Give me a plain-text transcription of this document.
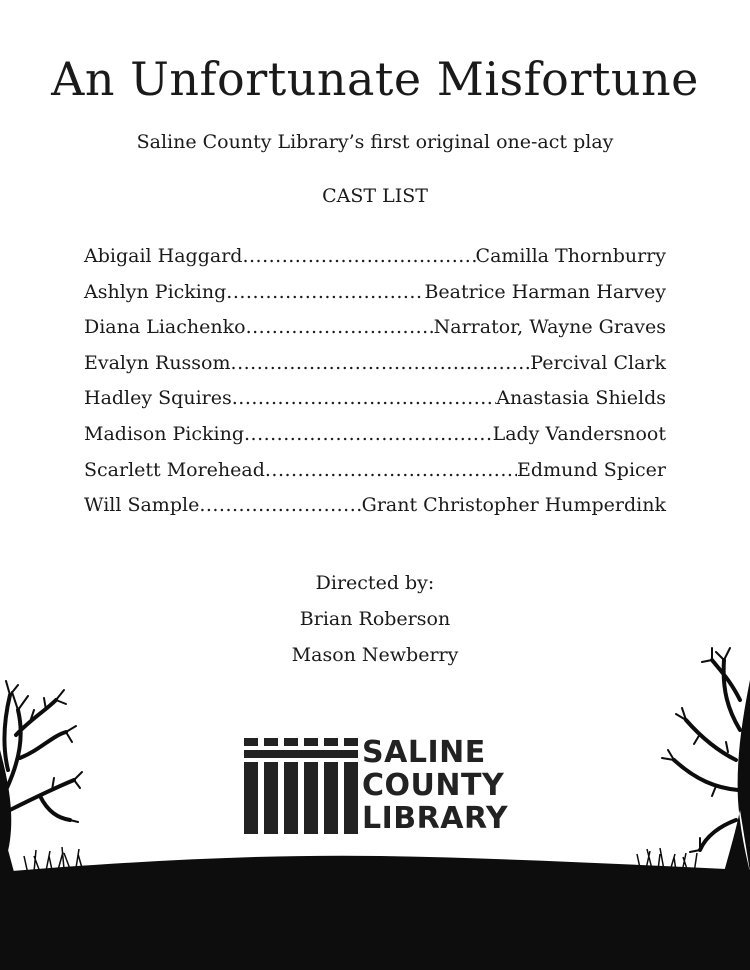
An Unfortunate Misfortune
Saline County Library’s first original one-act play
CAST LIST
Abigail Haggard .....	Camilla Thornburry
Ashlyn Picking .....	Beatrice Harman Harvey
Diana Liachenko .....	Narrator, Wayne Graves
Evalyn Russom .....	Percival Clark
Hadley Squires .....	Anastasia Shields
Madison Picking .....	Lady Vandersnoot
Scarlett Morehead .....	Edmund Spicer
Will Sample .....	Grant Christopher Humperdink
Directed by:
Brian Roberson
Mason Newberry
SALINE
COUNTY
LIBRARY
